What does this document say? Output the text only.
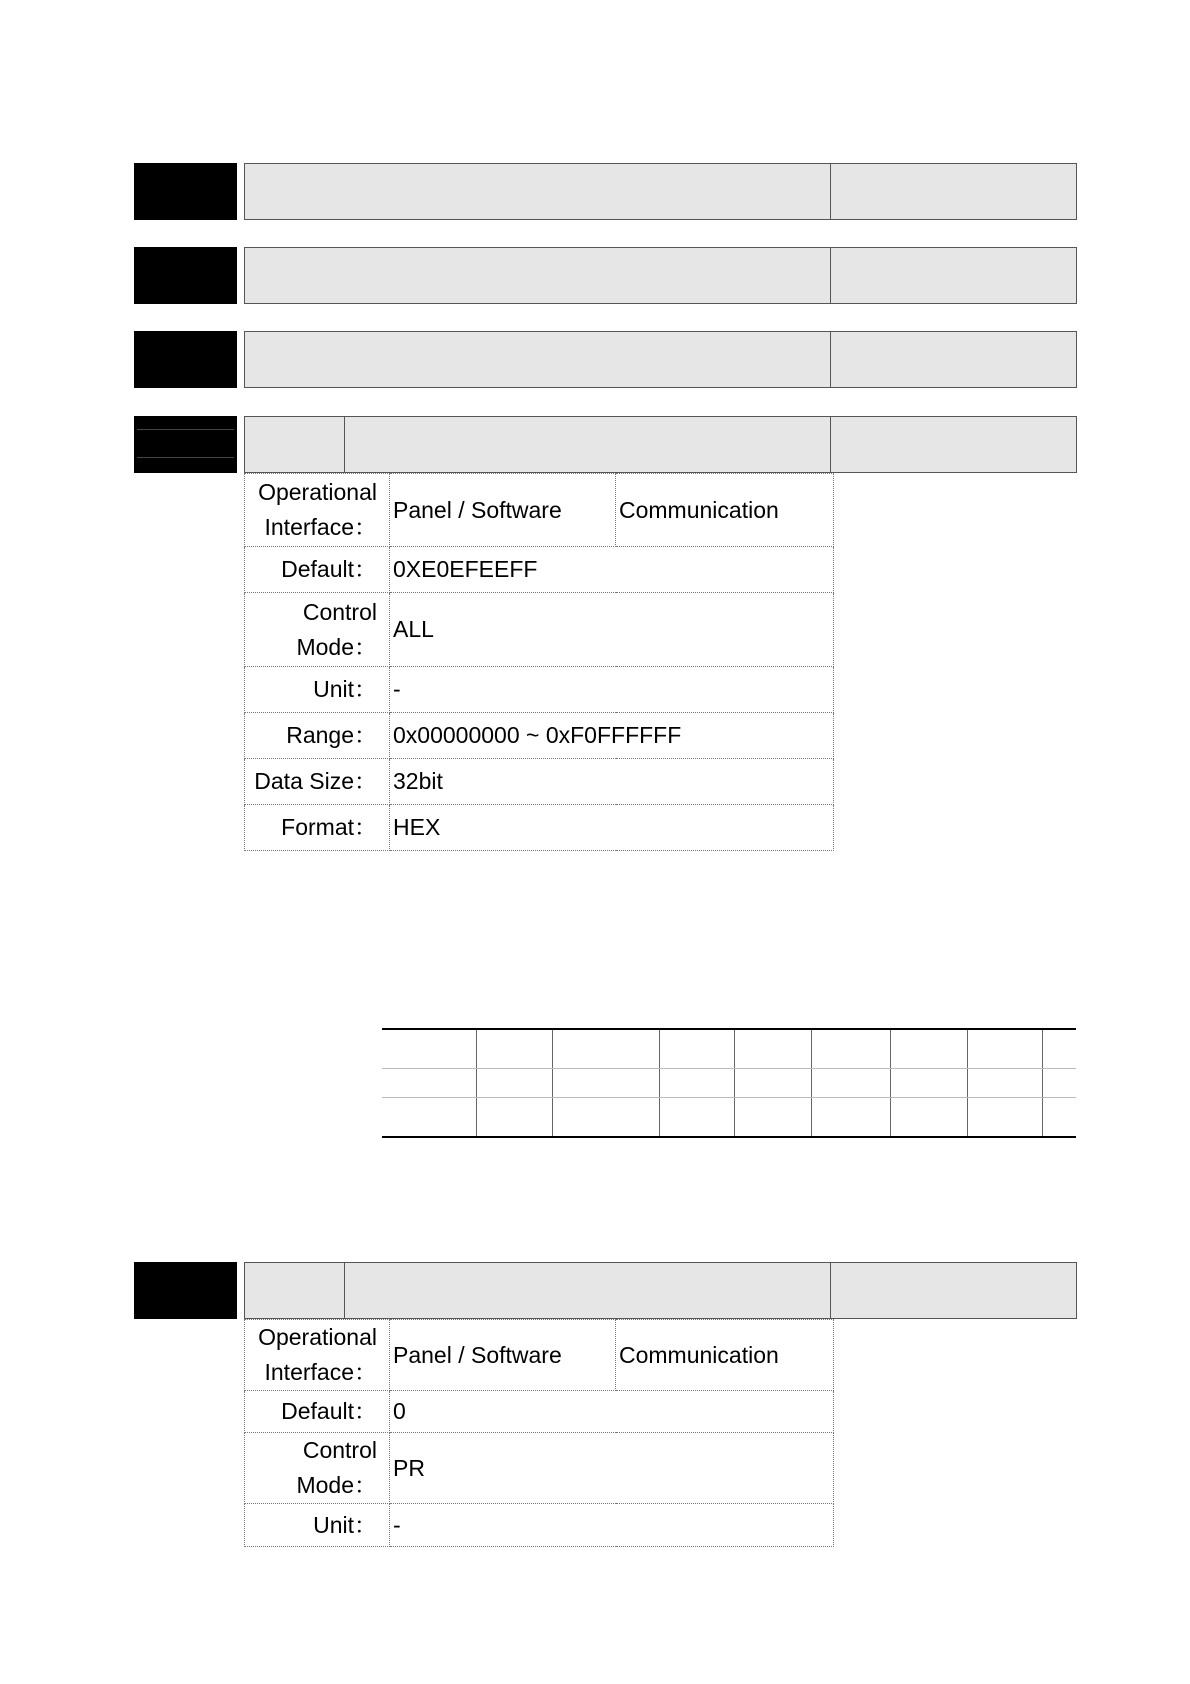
Operational Interface：	Panel / Software	Communication
Default：	0XE0EFEEFF	
Control Mode：	ALL	
Unit：	-	
Range：	0x00000000 ~ 0xF0FFFFFF	
Data Size：	32bit	
Format：	HEX	

Operational Interface：	Panel / Software	Communication
Default：	0	
Control Mode：	PR	
Unit：	-	
